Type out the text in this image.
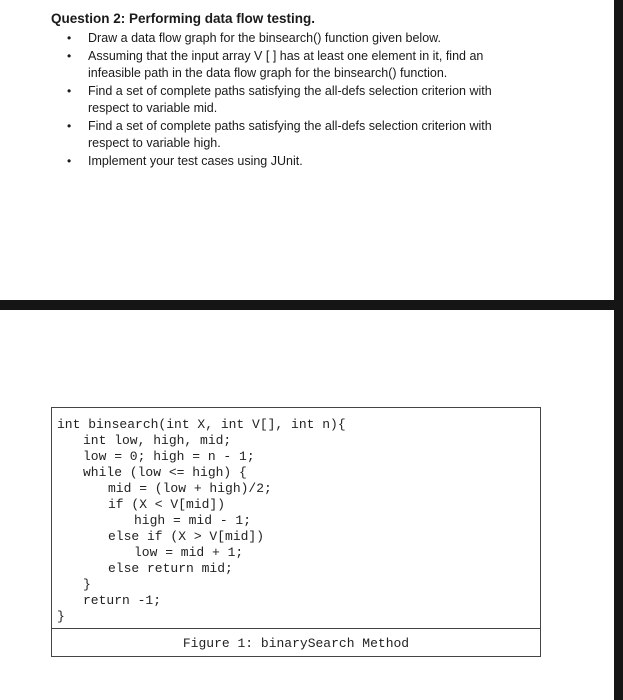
Question 2: Performing data flow testing.
• Draw a data flow graph for the binsearch() function given below.
• Assuming that the input array V [ ] has at least one element in it, find an infeasible path in the data flow graph for the binsearch() function.
• Find a set of complete paths satisfying the all-defs selection criterion with respect to variable mid.
• Find a set of complete paths satisfying the all-defs selection criterion with respect to variable high.
• Implement your test cases using JUnit.
int binsearch(int X, int V[], int n){
int low, high, mid;
low = 0; high = n - 1;
while (low <= high) {
mid = (low + high)/2;
if (X < V[mid])
high = mid - 1;
else if (X > V[mid])
low = mid + 1;
else return mid;
}
return -1;
}
Figure 1: binarySearch Method
